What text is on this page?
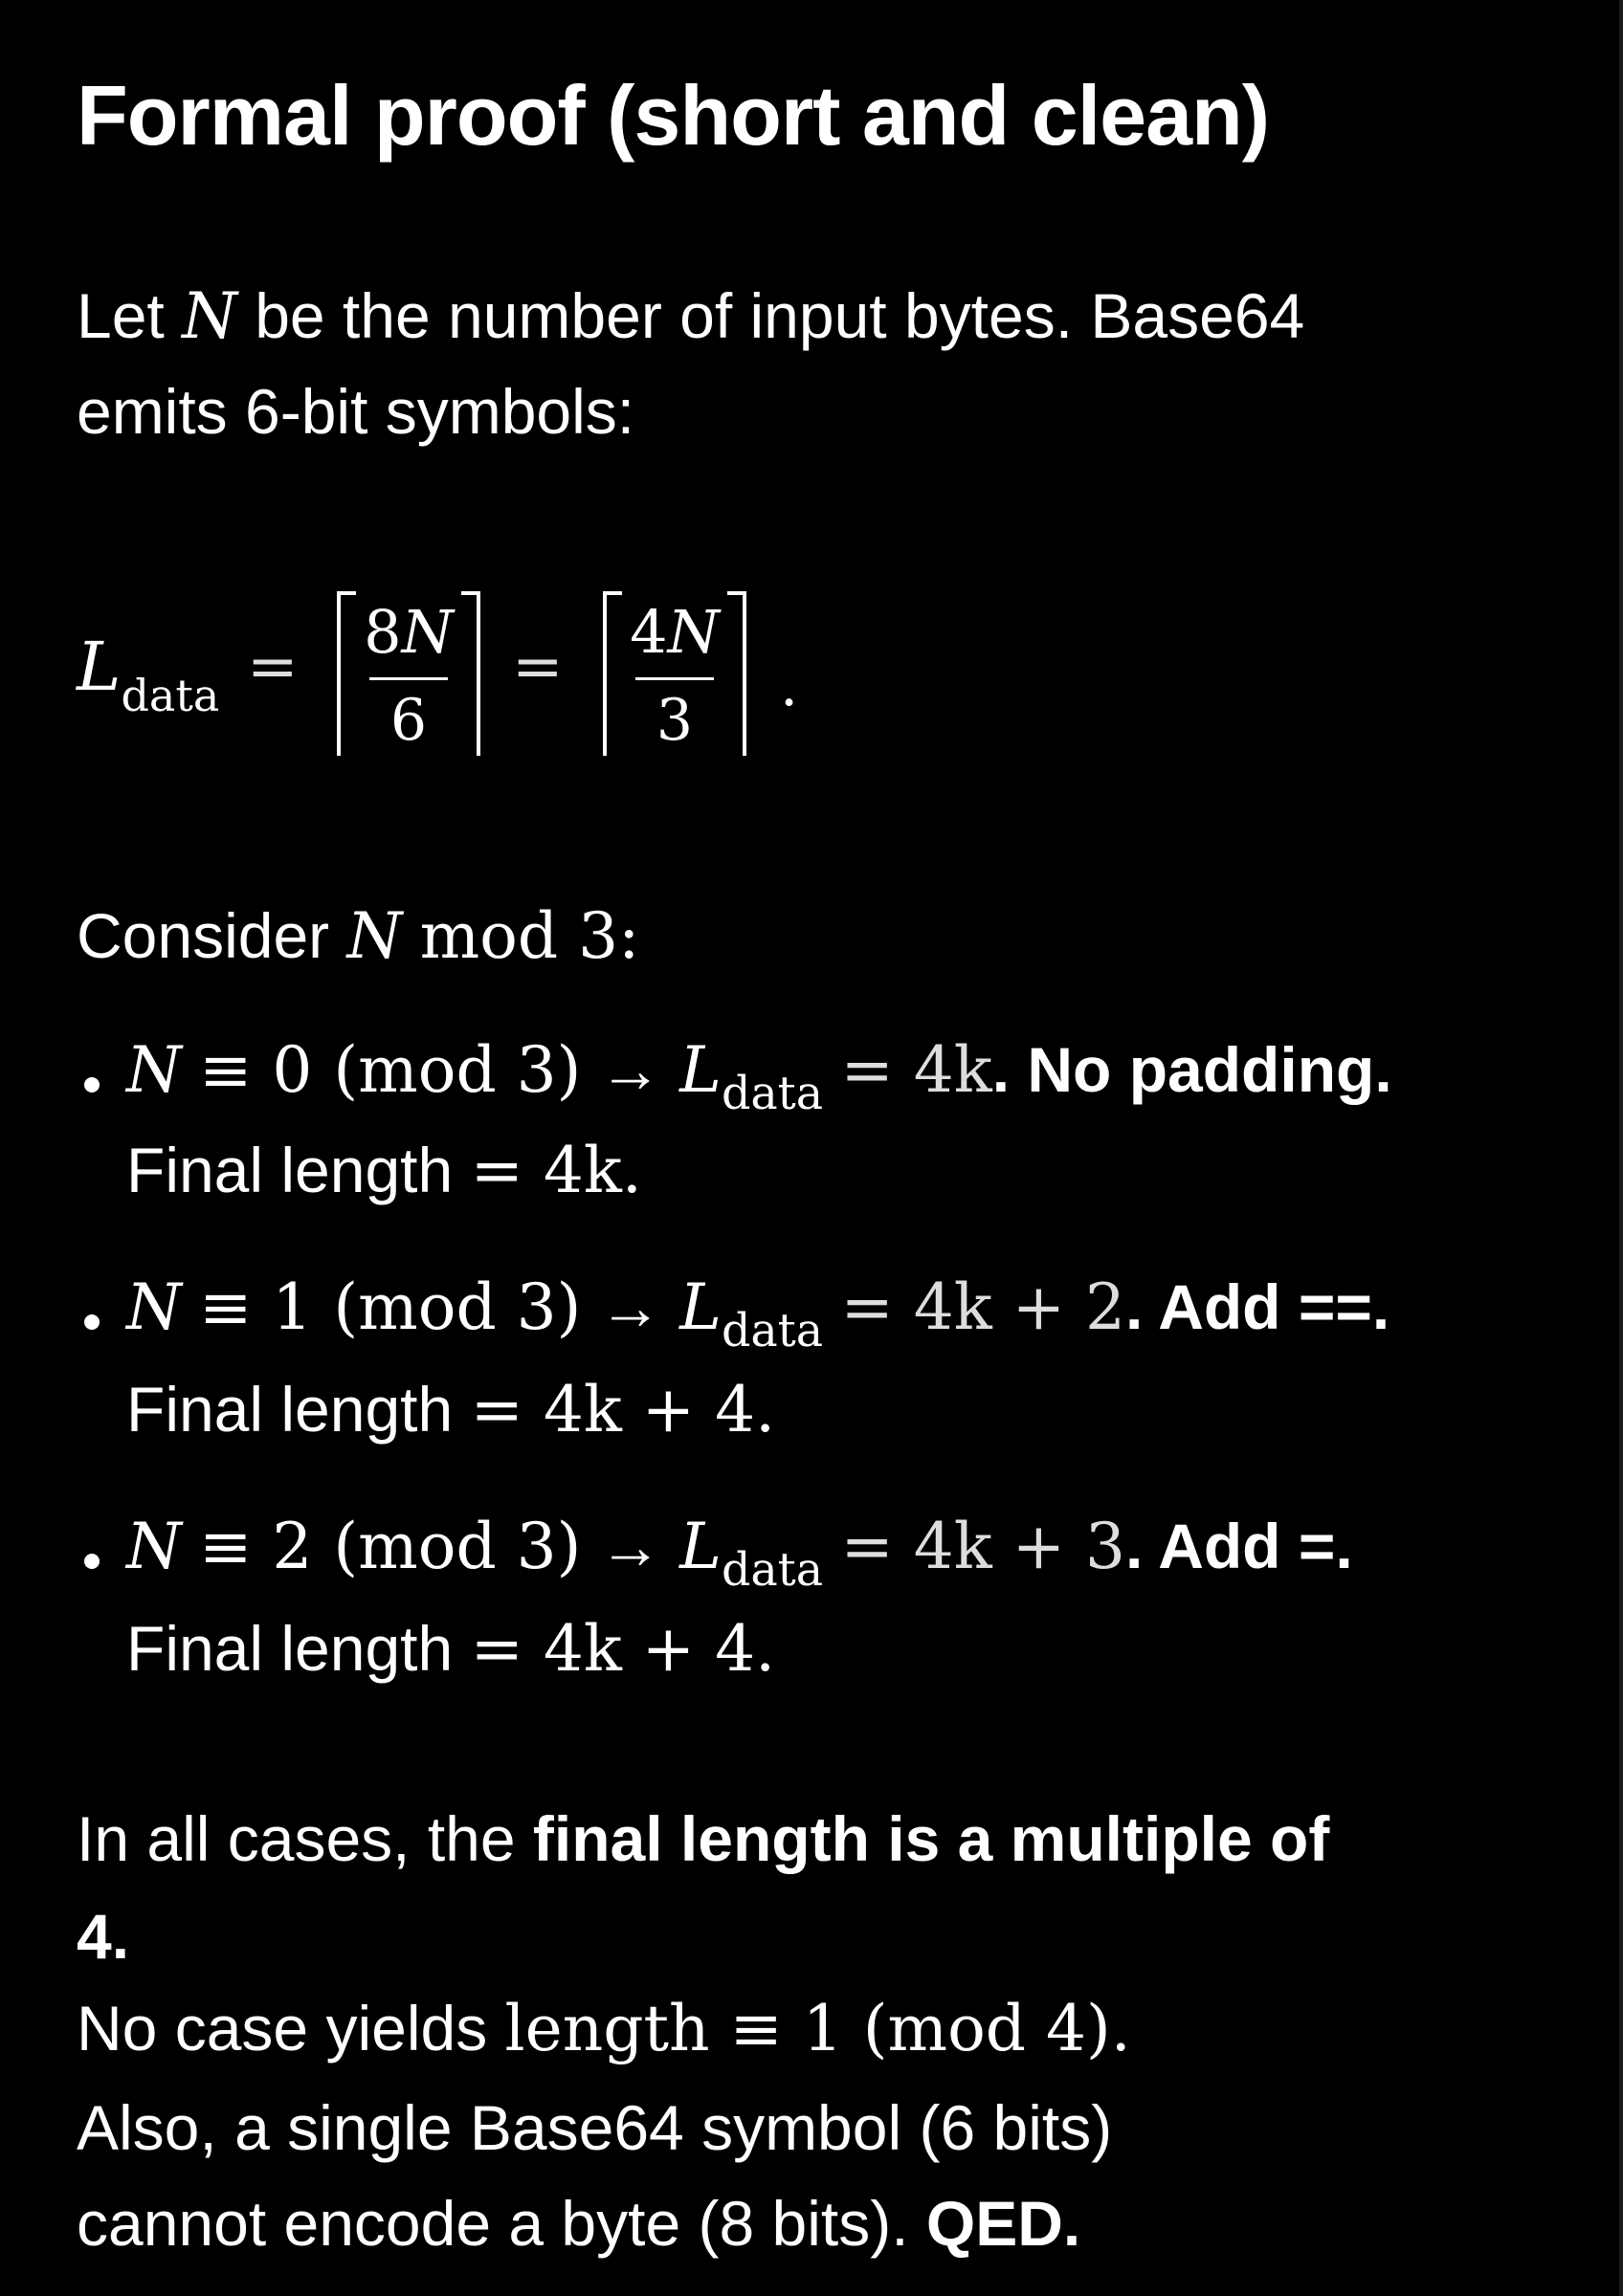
Formal proof (short and clean)
Let N be the number of input bytes. Base64
emits 6-bit symbols:
$L_{data}$ =	8N
6
=	4N
3
.
Consider N mod 3:
N ≡ 0 (mod $3) \to L_{data} = 4k$. No padding.
Final length = 4k.
N ≡ 1 (mod $3) \to L_{data} = 4k + 2$. Add ==.
Final length = 4k + 4.
N ≡ 2 (mod $3) \to L_{data} = 4k + 3$. Add =.
Final length = 4k + 4.
In all cases, the final length is a multiple of
4.
No case yields length ≡ 1 (mod 4).
Also, a single Base64 symbol (6 bits)
cannot encode a byte (8 bits). QED.
